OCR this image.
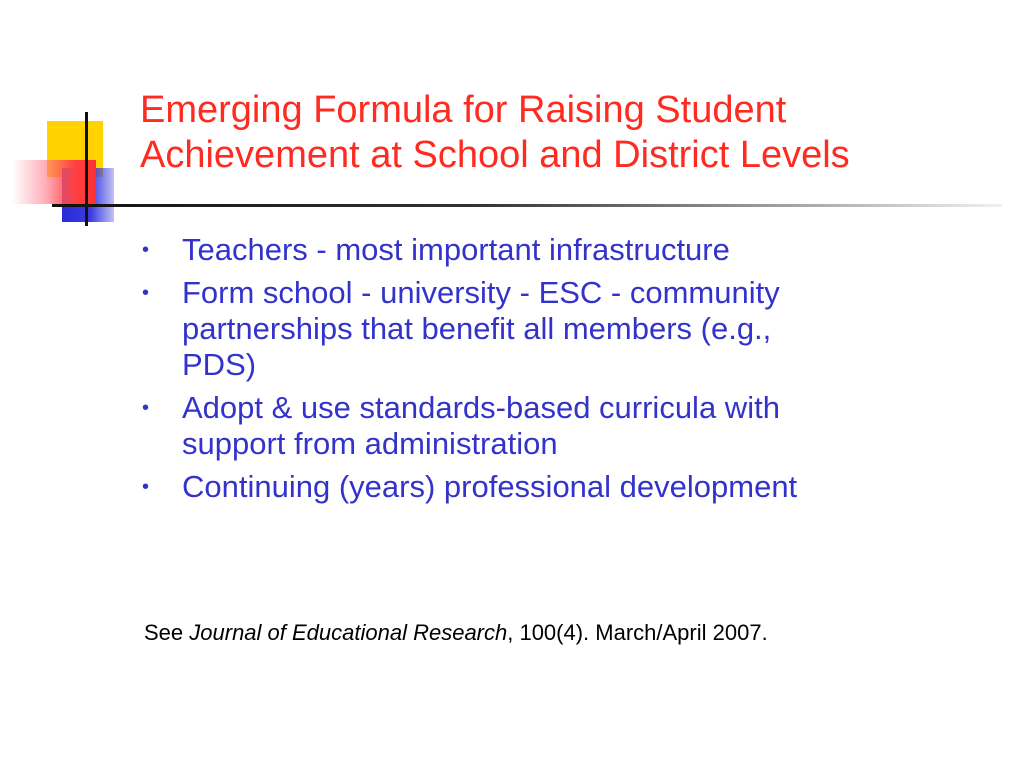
Emerging Formula for Raising Student
Achievement at School and District Levels
• Teachers - most important infrastructure
• Form school - university - ESC - community
partnerships that benefit all members (e.g.,
PDS)
• Adopt & use standards-based curricula with
support from administration
• Continuing (years) professional development

See Journal of Educational Research, 100(4). March/April 2007.
